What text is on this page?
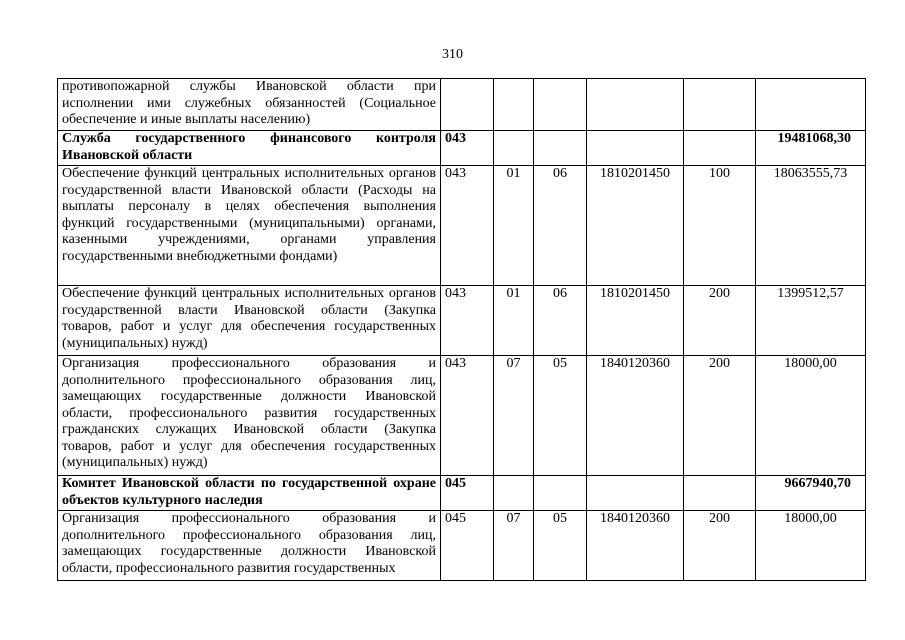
310
противопожарной службы Ивановской области при исполнении ими служебных обязанностей (Социальное обеспечение и иные выплаты населению)						
Служба государственного финансового контроля Ивановской области	043					19481068,30
Обеспечение функций центральных исполнительных органов государственной власти Ивановской области (Расходы на выплаты персоналу в целях обеспечения выполнения функций государственными (муниципальными) органами, казенными учреждениями, органами управления государственными внебюджетными фондами)	043	01	06	1810201450	100	18063555,73
Обеспечение функций центральных исполнительных органов государственной власти Ивановской области (Закупка товаров, работ и услуг для обеспечения государственных (муниципальных) нужд)	043	01	06	1810201450	200	1399512,57
Организация профессионального образования и дополнительного профессионального образования лиц, замещающих государственные должности Ивановской области, профессионального развития государственных гражданских служащих Ивановской области (Закупка товаров, работ и услуг для обеспечения государственных (муниципальных) нужд)	043	07	05	1840120360	200	18000,00
Комитет Ивановской области по государственной охране объектов культурного наследия	045					9667940,70
Организация профессионального образования и дополнительного профессионального образования лиц, замещающих государственные должности Ивановской области, профессионального развития государственных	045	07	05	1840120360	200	18000,00
